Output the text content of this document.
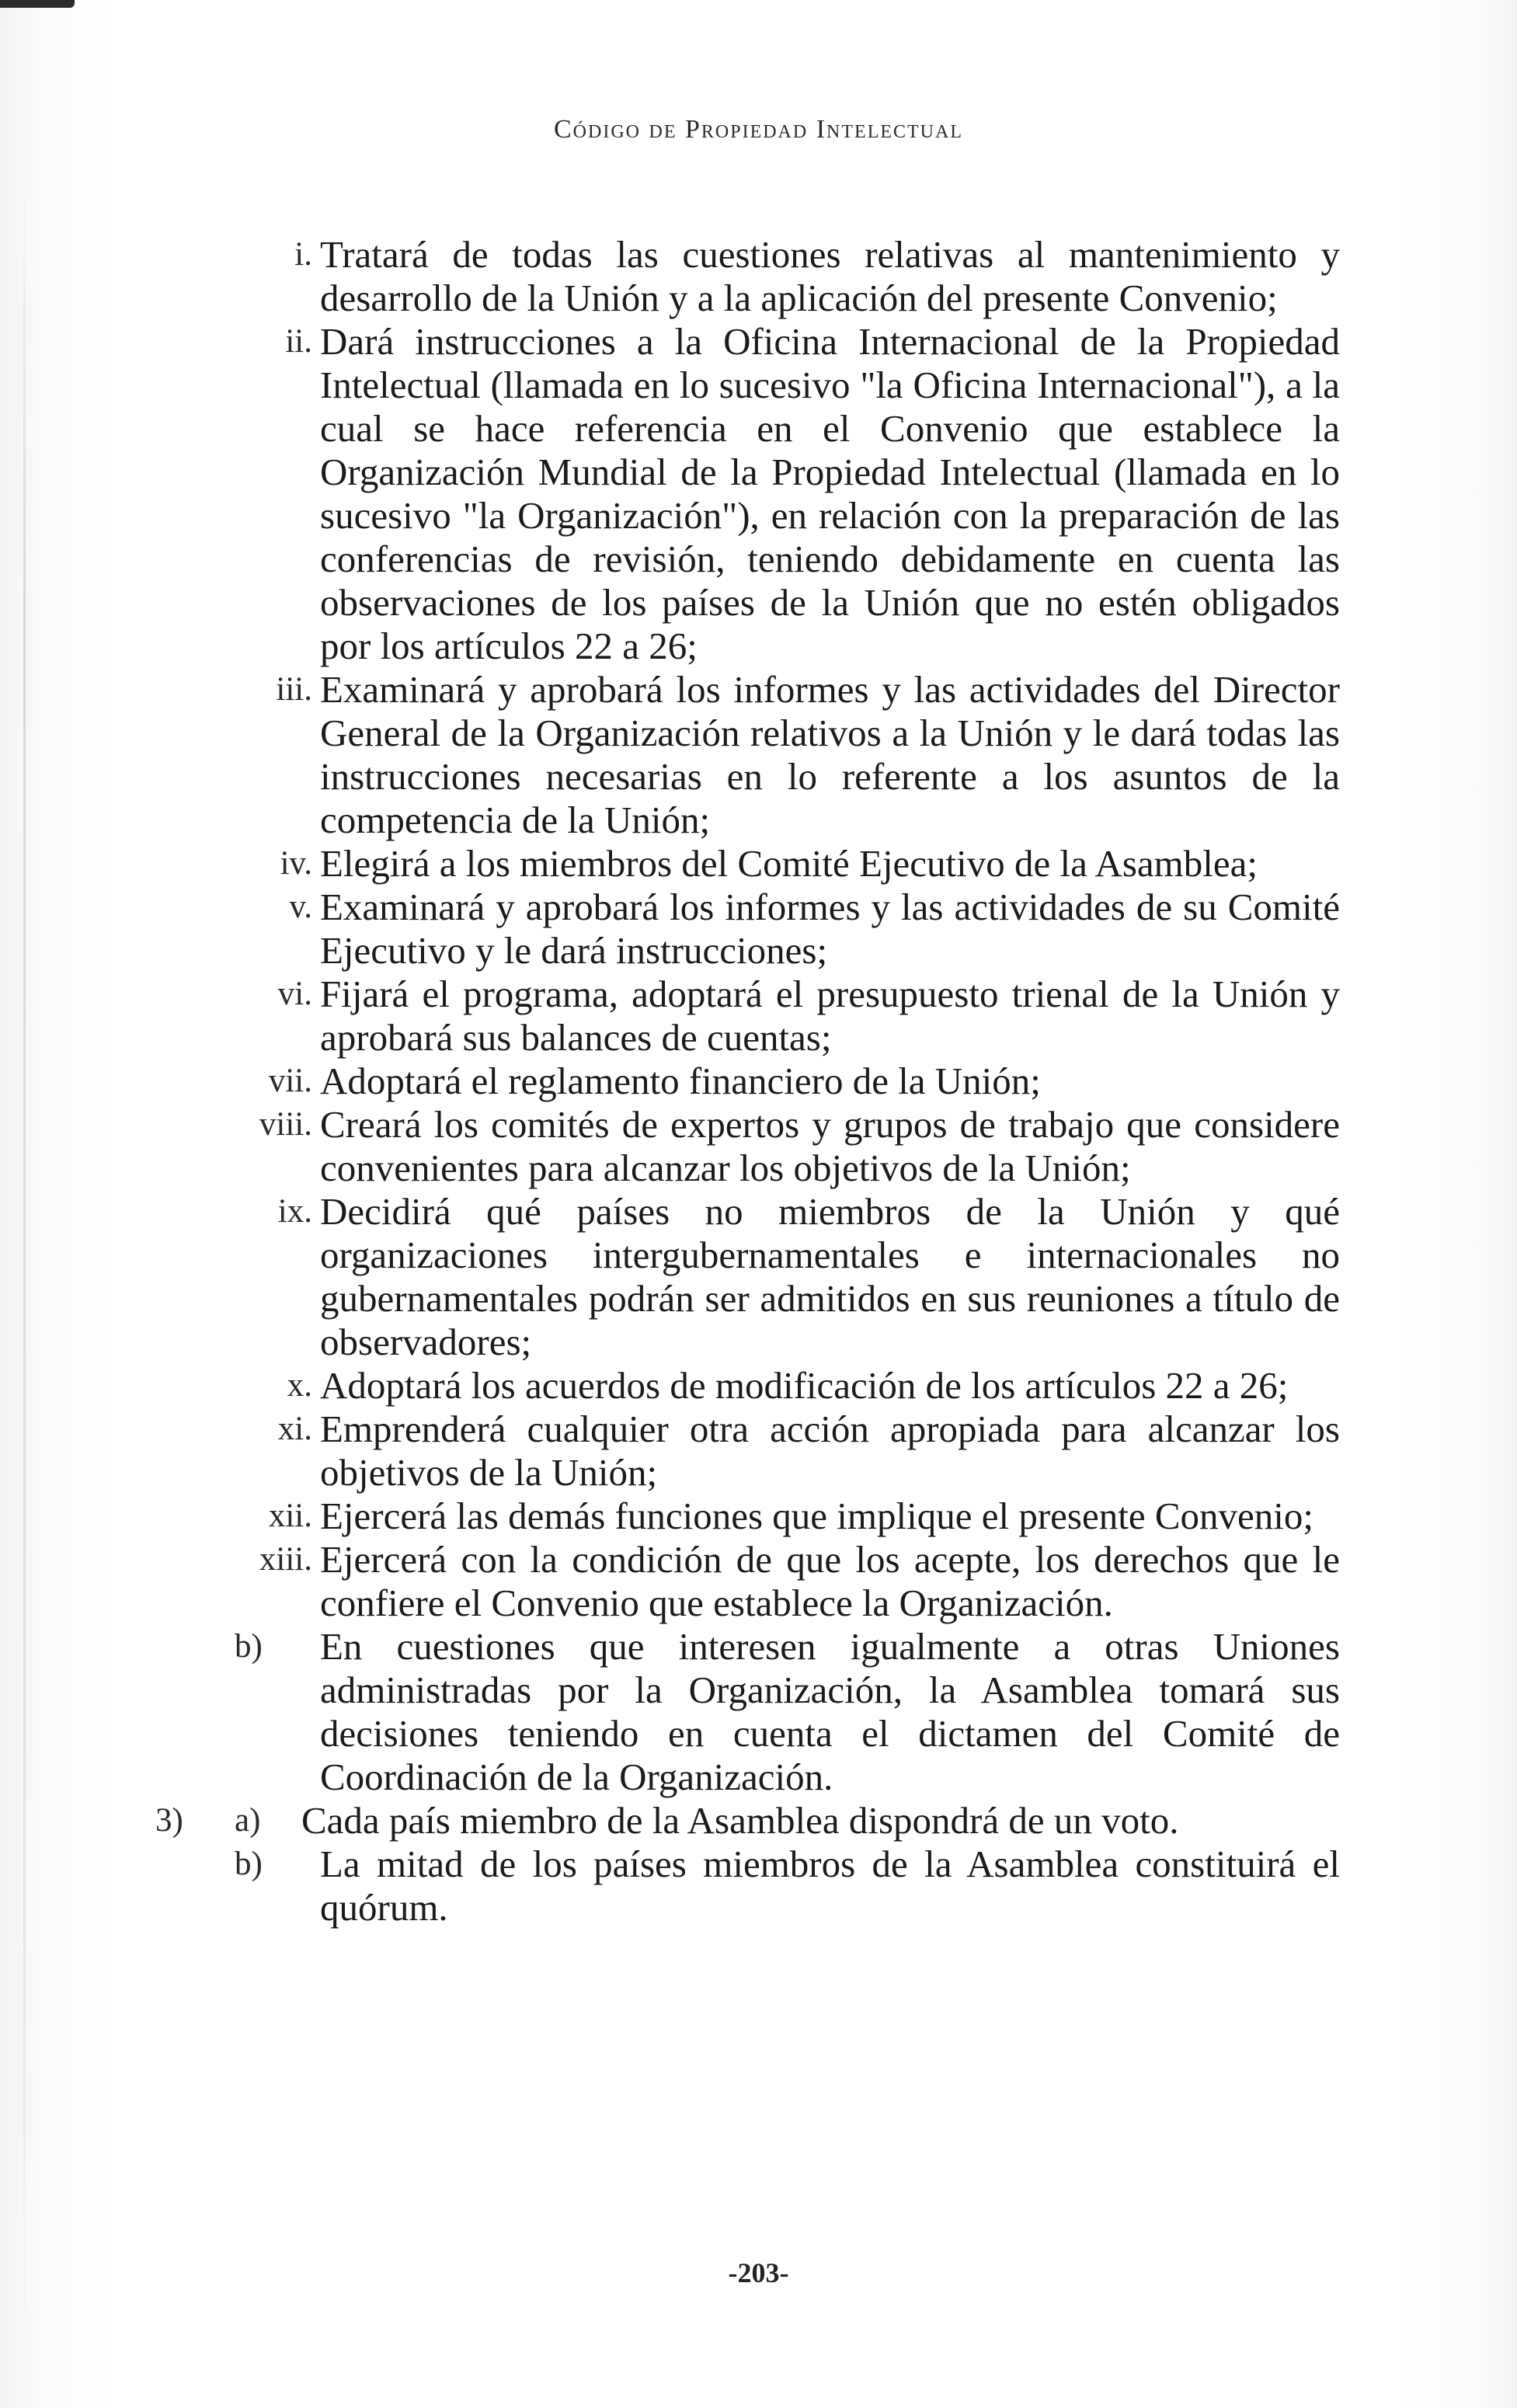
Código de Propiedad Intelectual
i. Tratará de todas las cuestiones relativas al mantenimiento y desarrollo de la Unión y a la aplicación del presente Convenio;
ii. Dará instrucciones a la Oficina Internacional de la Propiedad Intelectual (llamada en lo sucesivo "la Oficina Internacional"), a la cual se hace referencia en el Convenio que establece la Organización Mundial de la Propiedad Intelectual (llamada en lo sucesivo "la Organización"), en relación con la preparación de las conferencias de revisión, teniendo debidamente en cuenta las observaciones de los países de la Unión que no estén obligados por los artículos 22 a 26;
iii. Examinará y aprobará los informes y las actividades del Director General de la Organización relativos a la Unión y le dará todas las instrucciones necesarias en lo referente a los asuntos de la competencia de la Unión;
iv. Elegirá a los miembros del Comité Ejecutivo de la Asamblea;
v. Examinará y aprobará los informes y las actividades de su Comité Ejecutivo y le dará instrucciones;
vi. Fijará el programa, adoptará el presupuesto trienal de la Unión y aprobará sus balances de cuentas;
vii. Adoptará el reglamento financiero de la Unión;
viii. Creará los comités de expertos y grupos de trabajo que considere convenientes para alcanzar los objetivos de la Unión;
ix. Decidirá qué países no miembros de la Unión y qué organizaciones intergubernamentales e internacionales no gubernamentales podrán ser admitidos en sus reuniones a título de observadores;
x. Adoptará los acuerdos de modificación de los artículos 22 a 26;
xi. Emprenderá cualquier otra acción apropiada para alcanzar los objetivos de la Unión;
xii. Ejercerá las demás funciones que implique el presente Convenio;
xiii. Ejercerá con la condición de que los acepte, los derechos que le confiere el Convenio que establece la Organización.
b) En cuestiones que interesen igualmente a otras Uniones administradas por la Organización, la Asamblea tomará sus decisiones teniendo en cuenta el dictamen del Comité de Coordinación de la Organización.
3) a) Cada país miembro de la Asamblea dispondrá de un voto.
b) La mitad de los países miembros de la Asamblea constituirá el quórum.
-203-
